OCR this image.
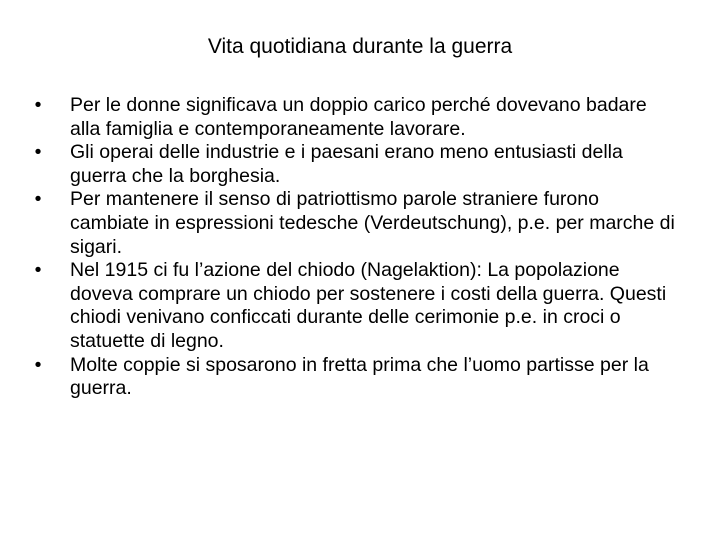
Vita quotidiana durante la guerra
• Per le donne significava un doppio carico perché dovevano badare alla famiglia e contemporaneamente lavorare.
• Gli operai delle industrie e i paesani erano meno entusiasti della guerra che la borghesia.
• Per mantenere il senso di patriottismo parole straniere furono cambiate in espressioni tedesche (Verdeutschung), p.e. per marche di sigari.
• Nel 1915 ci fu l’azione del chiodo (Nagelaktion): La popolazione doveva comprare un chiodo per sostenere i costi della guerra. Questi chiodi venivano conficcati durante delle cerimonie p.e. in croci o statuette di legno.
• Molte coppie si sposarono in fretta prima che l’uomo partisse per la guerra.
